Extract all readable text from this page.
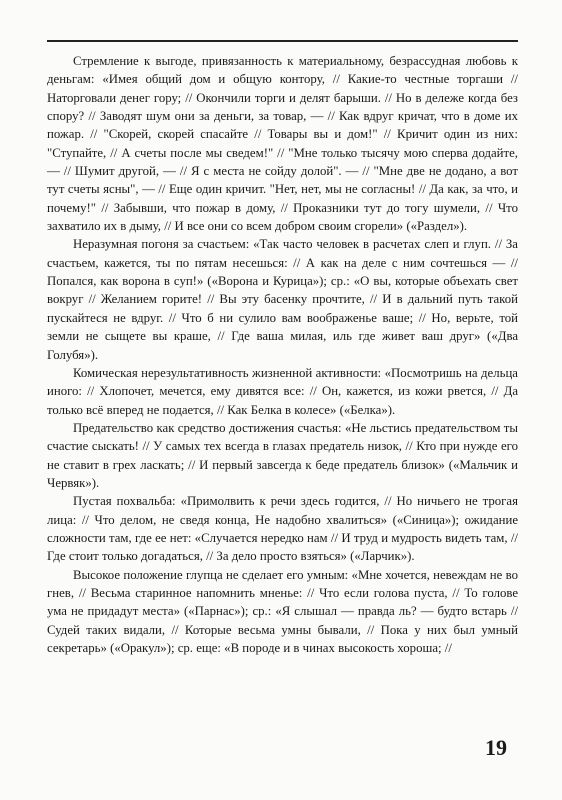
Стремление к выгоде, привязанность к материальному, безрассудная любовь к деньгам: «Имея общий дом и общую контору, // Какие-то честные торгаши // Наторговали денег гору; // Окончили торги и делят барыши. // Но в дележе когда без спору? // Заводят шум они за деньги, за товар, — // Как вдруг кричат, что в доме их пожар. // "Скорей, скорей спасайте // Товары вы и дом!" // Кричит один из них: "Ступайте, // А счеты после мы сведем!" // "Мне только тысячу мою сперва додайте, — // Шумит другой, — // Я с места не сойду долой". — // "Мне две не додано, а вот тут счеты ясны", — // Еще один кричит. "Нет, нет, мы не согласны! // Да как, за что, и почему!" // Забывши, что пожар в дому, // Проказники тут до тогу шумели, // Что захватило их в дыму, // И все они со всем добром своим сгорели» («Раздел»).

Неразумная погоня за счастьем: «Так часто человек в расчетах слеп и глуп. // За счастьем, кажется, ты по пятам несешься: // А как на деле с ним сочтешься — // Попался, как ворона в суп!» («Ворона и Курица»); ср.: «О вы, которые объехать свет вокруг // Желанием горите! // Вы эту басенку прочтите, // И в дальний путь такой пускайтеся не вдруг. // Что б ни сулило вам воображенье ваше; // Но, верьте, той земли не сыщете вы краше, // Где ваша милая, иль где живет ваш друг» («Два Голубя»).

Комическая нерезультативность жизненной активности: «Посмотришь на дельца иного: // Хлопочет, мечется, ему дивятся все: // Он, кажется, из кожи рвется, // Да только всё вперед не подается, // Как Белка в колесе» («Белка»).

Предательство как средство достижения счастья: «Не льстись предательством ты счастие сыскать! // У самых тех всегда в глазах предатель низок, // Кто при нужде его не ставит в грех ласкать; // И первый завсегда к беде предатель близок» («Мальчик и Червяк»).

Пустая похвальба: «Примолвить к речи здесь годится, // Но ничьего не трогая лица: // Что делом, не сведя конца, Не надобно хвалиться» («Синица»); ожидание сложности там, где ее нет: «Случается нередко нам // И труд и мудрость видеть там, // Где стоит только догадаться, // За дело просто взяться» («Ларчик»).

Высокое положение глупца не сделает его умным: «Мне хочется, невеждам не во гнев, // Весьма старинное напомнить мненье: // Что если голова пуста, // То голове ума не придадут места» («Парнас»); ср.: «Я слышал — правда ль? — будто встарь // Судей таких видали, // Которые весьма умны бывали, // Пока у них был умный секретарь» («Оракул»); ср. еще: «В породе и в чинах высокость хороша; //

19
